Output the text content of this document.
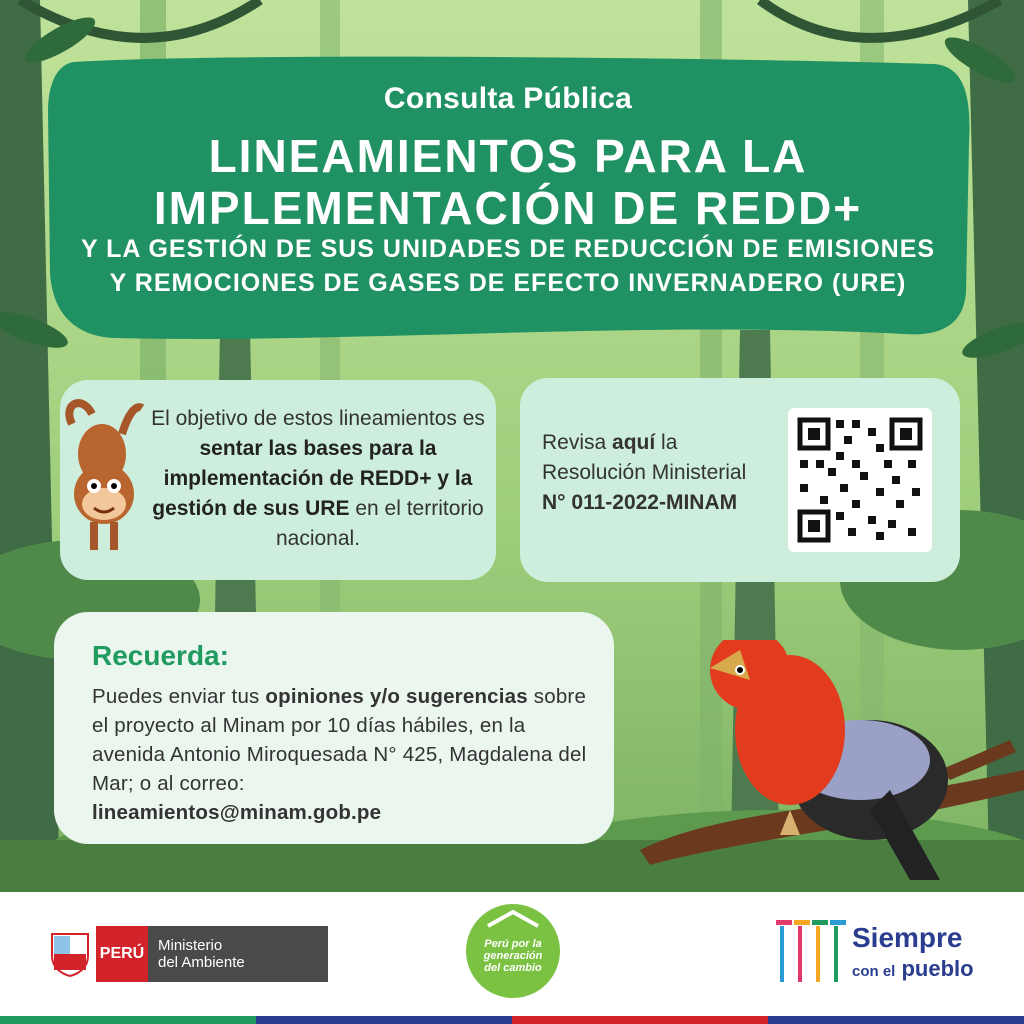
Consulta Pública
LINEAMIENTOS PARA LA
IMPLEMENTACIÓN DE REDD+
Y LA GESTIÓN DE SUS UNIDADES DE REDUCCIÓN DE EMISIONES
Y REMOCIONES DE GASES DE EFECTO INVERNADERO (URE)
El objetivo de estos lineamientos es sentar las bases para la implementación de REDD+ y la gestión de sus URE en el territorio nacional.
Revisa aquí la Resolución Ministerial
N° 011-2022-MINAM
Recuerda:
Puedes enviar tus opiniones y/o sugerencias sobre el proyecto al Minam por 10 días hábiles, en la avenida Antonio Miroquesada N° 425, Magdalena del Mar; o al correo:
lineamientos@minam.gob.pe
PERÚ Ministerio
del Ambiente
Perú por la
generación
del cambio
Siempre
con el pueblo
